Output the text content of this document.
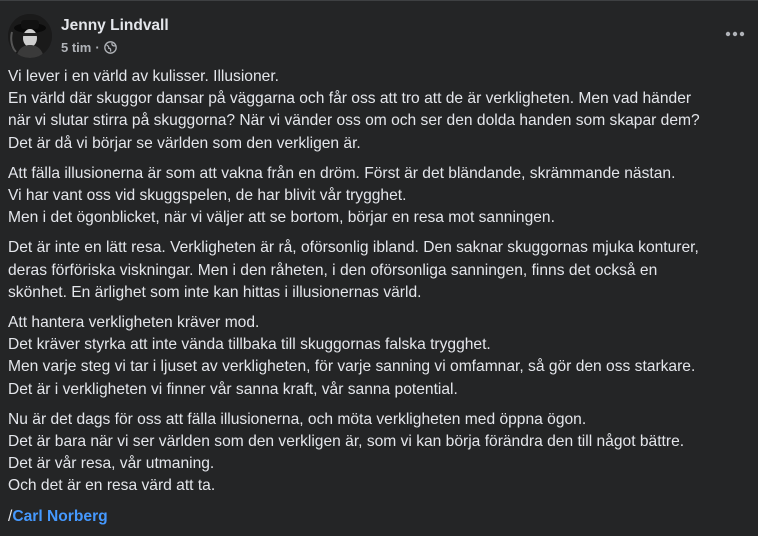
Jenny Lindvall
5 tim ·
Vi lever i en värld av kulisser. Illusioner.
En värld där skuggor dansar på väggarna och får oss att tro att de är verkligheten. Men vad händer
när vi slutar stirra på skuggorna? När vi vänder oss om och ser den dolda handen som skapar dem?
Det är då vi börjar se världen som den verkligen är.
Att fälla illusionerna är som att vakna från en dröm. Först är det bländande, skrämmande nästan.
Vi har vant oss vid skuggspelen, de har blivit vår trygghet.
Men i det ögonblicket, när vi väljer att se bortom, börjar en resa mot sanningen.
Det är inte en lätt resa. Verkligheten är rå, oförsonlig ibland. Den saknar skuggornas mjuka konturer,
deras förföriska viskningar. Men i den råheten, i den oförsonliga sanningen, finns det också en
skönhet. En ärlighet som inte kan hittas i illusionernas värld.
Att hantera verkligheten kräver mod.
Det kräver styrka att inte vända tillbaka till skuggornas falska trygghet.
Men varje steg vi tar i ljuset av verkligheten, för varje sanning vi omfamnar, så gör den oss starkare.
Det är i verkligheten vi finner vår sanna kraft, vår sanna potential.
Nu är det dags för oss att fälla illusionerna, och möta verkligheten med öppna ögon.
Det är bara när vi ser världen som den verkligen är, som vi kan börja förändra den till något bättre.
Det är vår resa, vår utmaning.
Och det är en resa värd att ta.
/Carl Norberg
